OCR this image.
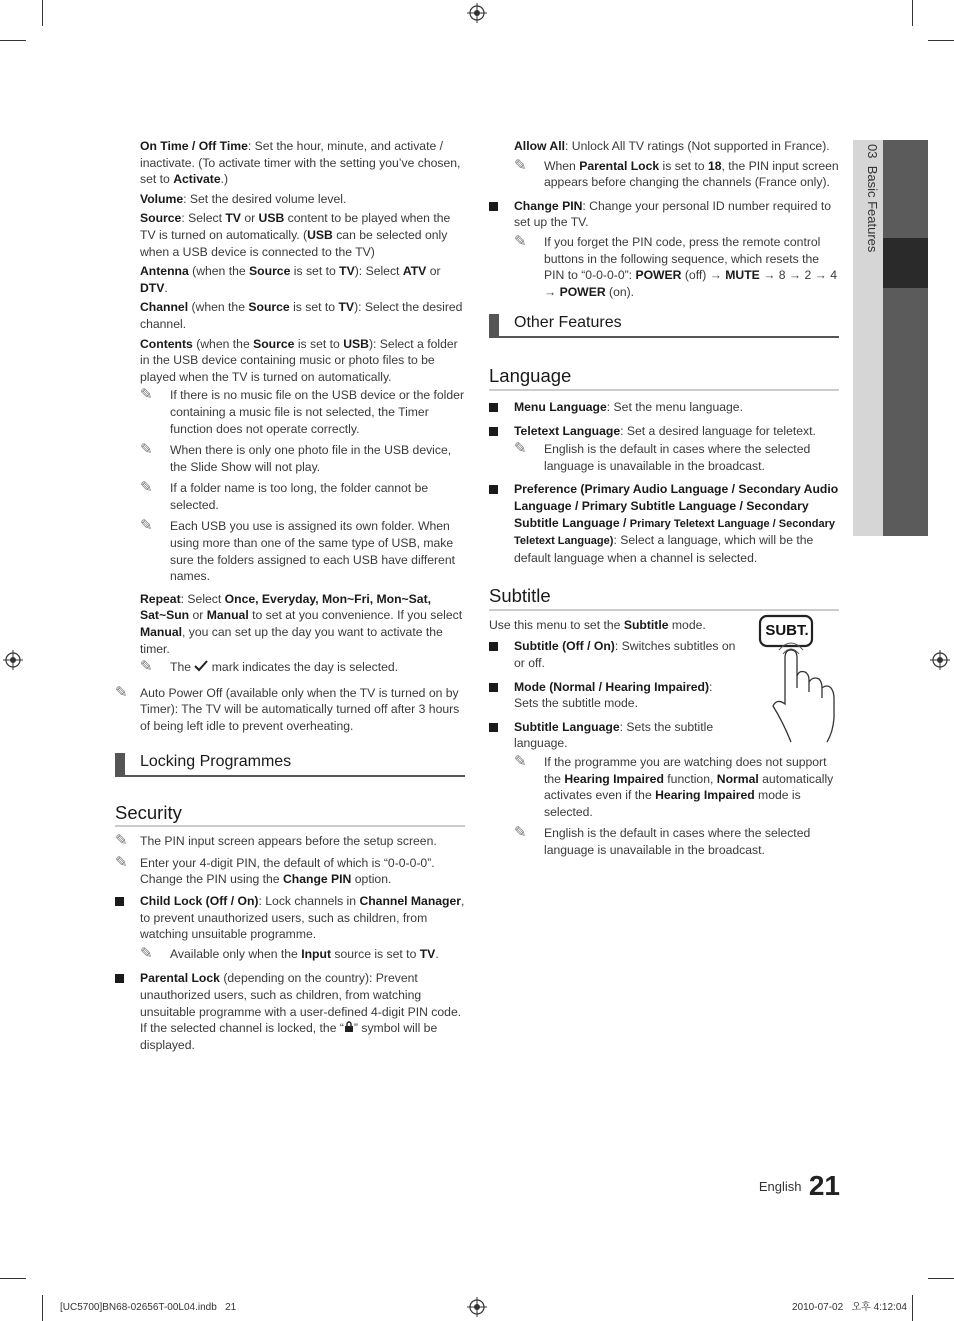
03  Basic Features

On Time / Off Time: Set the hour, minute, and activate / inactivate. (To activate timer with the setting you’ve chosen, set to Activate.)

Volume: Set the desired volume level.

Source: Select TV or USB content to be played when the TV is turned on automatically. (USB can be selected only when a USB device is connected to the TV)

Antenna (when the Source is set to TV): Select ATV or DTV.

Channel (when the Source is set to TV): Select the desired channel.

Contents (when the Source is set to USB): Select a folder in the USB device containing music or photo files to be played when the TV is turned on automatically.

✎ If there is no music file on the USB device or the folder containing a music file is not selected, the Timer function does not operate correctly.

✎ When there is only one photo file in the USB device, the Slide Show will not play.

✎ If a folder name is too long, the folder cannot be selected.

✎ Each USB you use is assigned its own folder. When using more than one of the same type of USB, make sure the folders assigned to each USB have different names.

Repeat: Select Once, Everyday, Mon~Fri, Mon~Sat, Sat~Sun or Manual to set at you convenience. If you select Manual, you can set up the day you want to activate the timer.

✎ The  mark indicates the day is selected.

✎ Auto Power Off (available only when the TV is turned on by Timer): The TV will be automatically turned off after 3 hours of being left idle to prevent overheating.

Locking Programmes
Security

✎ The PIN input screen appears before the setup screen.

✎ Enter your 4-digit PIN, the default of which is “0-0-0-0”. Change the PIN using the Change PIN option.

Child Lock (Off / On): Lock channels in Channel Manager, to prevent unauthorized users, such as children, from watching unsuitable programme.

✎ Available only when the Input source is set to TV.

Parental Lock (depending on the country): Prevent unauthorized users, such as children, from watching unsuitable programme with a user-defined 4-digit PIN code. If the selected channel is locked, the “ ” symbol will be displayed.

Allow All: Unlock All TV ratings (Not supported in France).

✎ When Parental Lock is set to 18, the PIN input screen appears before changing the channels (France only).

Change PIN: Change your personal ID number required to set up the TV.

✎ If you forget the PIN code, press the remote control buttons in the following sequence, which resets the PIN to “0-0-0-0”: POWER (off) → MUTE → 8 → 2 → 4 → POWER (on).

Other Features
Language
Menu Language: Set the menu language.
Teletext Language: Set a desired language for teletext.

✎ English is the default in cases where the selected language is unavailable in the broadcast.

Preference (Primary Audio Language / Secondary Audio Language / Primary Subtitle Language / Secondary Subtitle Language / Primary Teletext Language / Secondary Teletext Language): Select a language, which will be the default language when a channel is selected.
Subtitle

Use this menu to set the Subtitle mode.	SUBT.
Subtitle (Off / On): Switches subtitles on or off.
Mode (Normal / Hearing Impaired): Sets the subtitle mode.
Subtitle Language: Sets the subtitle language.

✎ If the programme you are watching does not support the Hearing Impaired function, Normal automatically activates even if the Hearing Impaired mode is selected.

✎ English is the default in cases where the selected language is unavailable in the broadcast.

English 21
[UC5700]BN68-02656T-00L04.indb   21	2010-07-02   오후 4:12:04
